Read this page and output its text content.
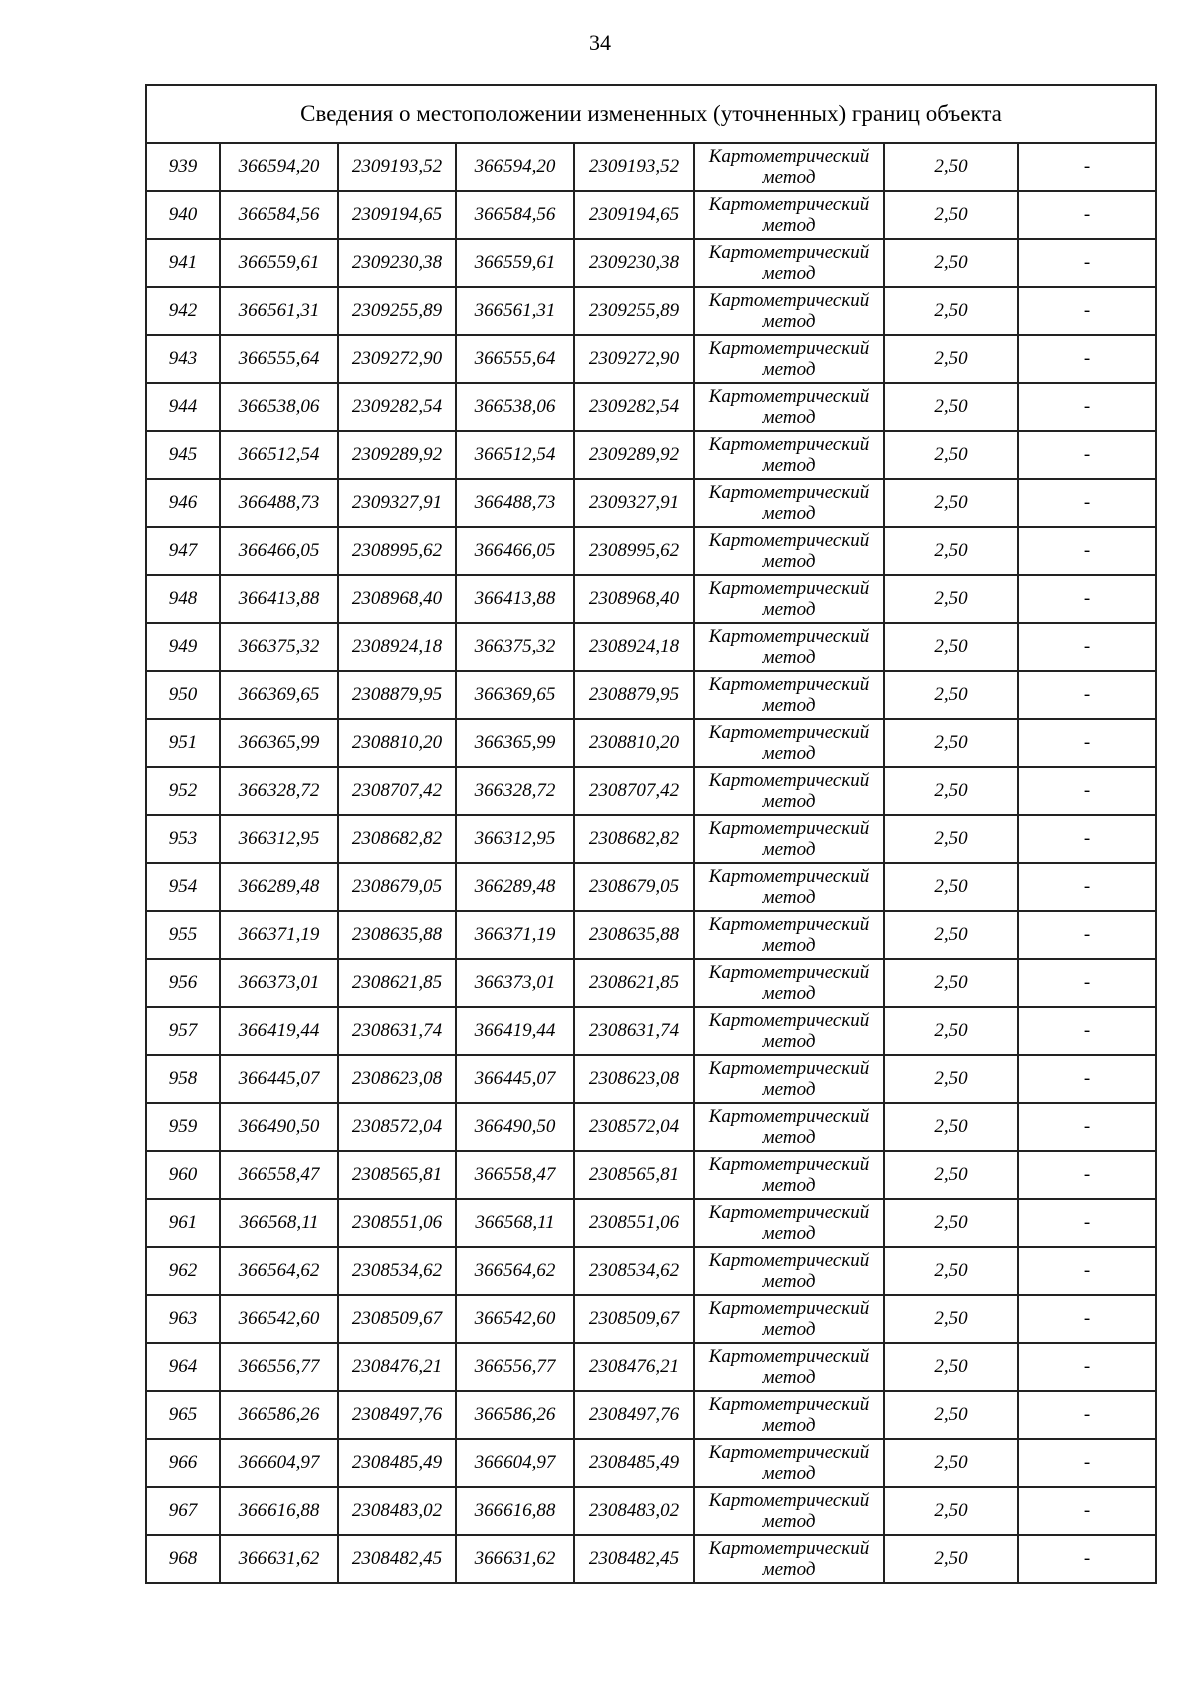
34
Сведения о местоположении измененных (уточненных) границ объекта							
939	366594,20	2309193,52	366594,20	2309193,52	Картометрический метод	2,50	-
940	366584,56	2309194,65	366584,56	2309194,65	Картометрический метод	2,50	-
941	366559,61	2309230,38	366559,61	2309230,38	Картометрический метод	2,50	-
942	366561,31	2309255,89	366561,31	2309255,89	Картометрический метод	2,50	-
943	366555,64	2309272,90	366555,64	2309272,90	Картометрический метод	2,50	-
944	366538,06	2309282,54	366538,06	2309282,54	Картометрический метод	2,50	-
945	366512,54	2309289,92	366512,54	2309289,92	Картометрический метод	2,50	-
946	366488,73	2309327,91	366488,73	2309327,91	Картометрический метод	2,50	-
947	366466,05	2308995,62	366466,05	2308995,62	Картометрический метод	2,50	-
948	366413,88	2308968,40	366413,88	2308968,40	Картометрический метод	2,50	-
949	366375,32	2308924,18	366375,32	2308924,18	Картометрический метод	2,50	-
950	366369,65	2308879,95	366369,65	2308879,95	Картометрический метод	2,50	-
951	366365,99	2308810,20	366365,99	2308810,20	Картометрический метод	2,50	-
952	366328,72	2308707,42	366328,72	2308707,42	Картометрический метод	2,50	-
953	366312,95	2308682,82	366312,95	2308682,82	Картометрический метод	2,50	-
954	366289,48	2308679,05	366289,48	2308679,05	Картометрический метод	2,50	-
955	366371,19	2308635,88	366371,19	2308635,88	Картометрический метод	2,50	-
956	366373,01	2308621,85	366373,01	2308621,85	Картометрический метод	2,50	-
957	366419,44	2308631,74	366419,44	2308631,74	Картометрический метод	2,50	-
958	366445,07	2308623,08	366445,07	2308623,08	Картометрический метод	2,50	-
959	366490,50	2308572,04	366490,50	2308572,04	Картометрический метод	2,50	-
960	366558,47	2308565,81	366558,47	2308565,81	Картометрический метод	2,50	-
961	366568,11	2308551,06	366568,11	2308551,06	Картометрический метод	2,50	-
962	366564,62	2308534,62	366564,62	2308534,62	Картометрический метод	2,50	-
963	366542,60	2308509,67	366542,60	2308509,67	Картометрический метод	2,50	-
964	366556,77	2308476,21	366556,77	2308476,21	Картометрический метод	2,50	-
965	366586,26	2308497,76	366586,26	2308497,76	Картометрический метод	2,50	-
966	366604,97	2308485,49	366604,97	2308485,49	Картометрический метод	2,50	-
967	366616,88	2308483,02	366616,88	2308483,02	Картометрический метод	2,50	-
968	366631,62	2308482,45	366631,62	2308482,45	Картометрический метод	2,50	-
